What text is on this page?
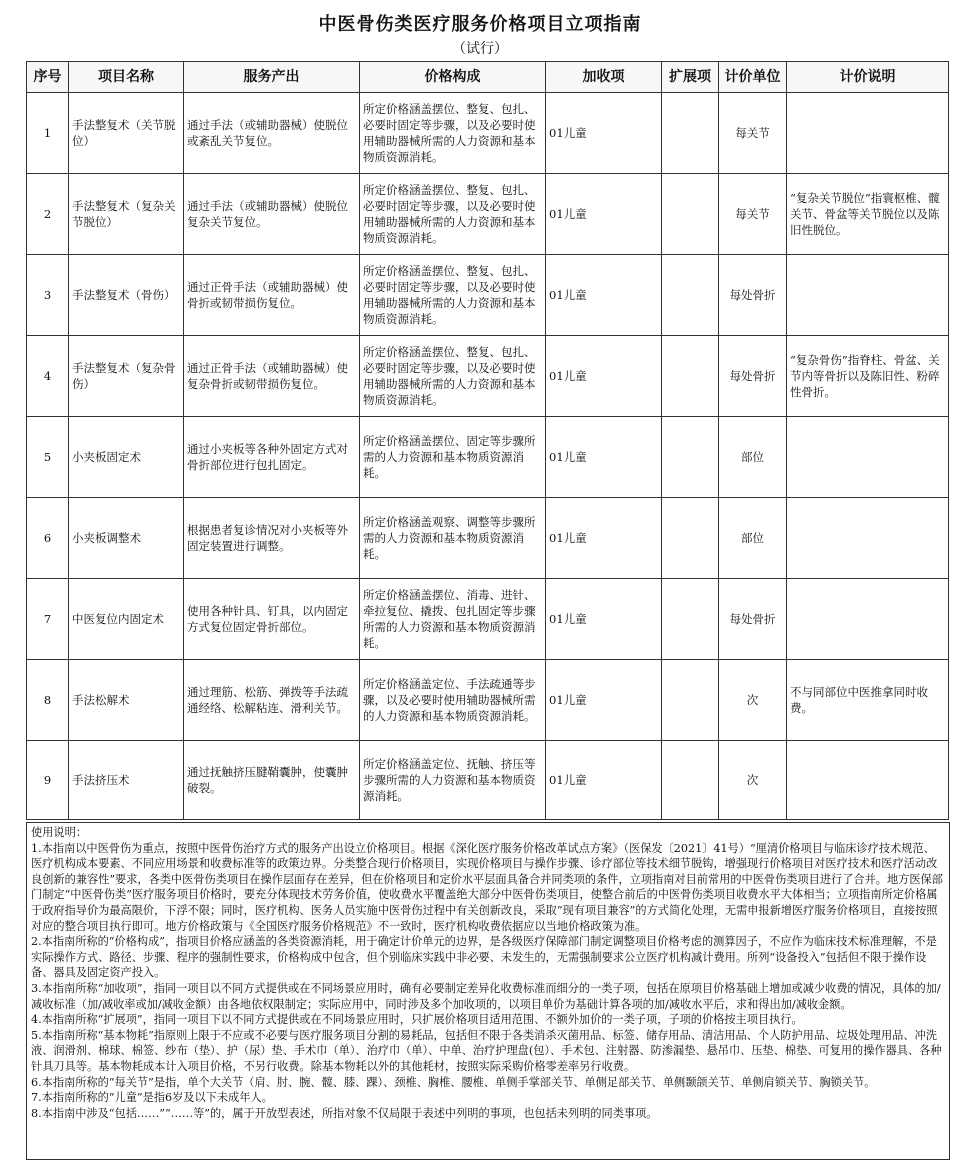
中医骨伤类医疗服务价格项目立项指南
（试行）
序号	项目名称	服务产出	价格构成	加收项	扩展项	计价单位	计价说明
1	手法整复术（关节脱位）	通过手法（或辅助器械）使脱位或紊乱关节复位。	所定价格涵盖摆位、整复、包扎、必要时固定等步骤，以及必要时使用辅助器械所需的人力资源和基本物质资源消耗。	01儿童		每关节	
2	手法整复术（复杂关节脱位）	通过手法（或辅助器械）使脱位复杂关节复位。	所定价格涵盖摆位、整复、包扎、必要时固定等步骤，以及必要时使用辅助器械所需的人力资源和基本物质资源消耗。	01儿童		每关节	“复杂关节脱位”指寰枢椎、髋关节、骨盆等关节脱位以及陈旧性脱位。
3	手法整复术（骨伤）	通过正骨手法（或辅助器械）使骨折或韧带损伤复位。	所定价格涵盖摆位、整复、包扎、必要时固定等步骤，以及必要时使用辅助器械所需的人力资源和基本物质资源消耗。	01儿童		每处骨折	
4	手法整复术（复杂骨伤）	通过正骨手法（或辅助器械）使复杂骨折或韧带损伤复位。	所定价格涵盖摆位、整复、包扎、必要时固定等步骤，以及必要时使用辅助器械所需的人力资源和基本物质资源消耗。	01儿童		每处骨折	“复杂骨伤”指脊柱、骨盆、关节内等骨折以及陈旧性、粉碎性骨折。
5	小夹板固定术	通过小夹板等各种外固定方式对骨折部位进行包扎固定。	所定价格涵盖摆位、固定等步骤所需的人力资源和基本物质资源消耗。	01儿童		部位	
6	小夹板调整术	根据患者复诊情况对小夹板等外固定装置进行调整。	所定价格涵盖观察、调整等步骤所需的人力资源和基本物质资源消耗。	01儿童		部位	
7	中医复位内固定术	使用各种针具、钉具，以内固定方式复位固定骨折部位。	所定价格涵盖摆位、消毒、进针、牵拉复位、撬拨、包扎固定等步骤所需的人力资源和基本物质资源消耗。	01儿童		每处骨折	
8	手法松解术	通过理筋、松筋、弹拨等手法疏通经络、松解粘连、滑利关节。	所定价格涵盖定位、手法疏通等步骤，以及必要时使用辅助器械所需的人力资源和基本物质资源消耗。	01儿童		次	不与同部位中医推拿同时收费。
9	手法挤压术	通过抚触挤压腱鞘囊肿，使囊肿破裂。	所定价格涵盖定位、抚触、挤压等步骤所需的人力资源和基本物质资源消耗。	01儿童		次	

使用说明：

1.本指南以中医骨伤为重点，按照中医骨伤治疗方式的服务产出设立价格项目。根据《深化医疗服务价格改革试点方案》（医保发〔2021〕41号）“厘清价格项目与临床诊疗技术规范、医疗机构成本要素、不同应用场景和收费标准等的政策边界。分类整合现行价格项目，实现价格项目与操作步骤、诊疗部位等技术细节脱钩，增强现行价格项目对医疗技术和医疗活动改良创新的兼容性”要求，各类中医骨伤类项目在操作层面存在差异，但在价格项目和定价水平层面具备合并同类项的条件，立项指南对目前常用的中医骨伤类项目进行了合并。地方医保部门制定“中医骨伤类”医疗服务项目价格时，要充分体现技术劳务价值，使收费水平覆盖绝大部分中医骨伤类项目，使整合前后的中医骨伤类项目收费水平大体相当；立项指南所定价格属于政府指导价为最高限价，下浮不限；同时，医疗机构、医务人员实施中医骨伤过程中有关创新改良，采取“现有项目兼容”的方式简化处理，无需申报新增医疗服务价格项目，直接按照对应的整合项目执行即可。地方价格政策与《全国医疗服务价格规范》不一致时，医疗机构收费依据应以当地价格政策为准。

2.本指南所称的“价格构成”，指项目价格应涵盖的各类资源消耗，用于确定计价单元的边界，是各级医疗保障部门制定调整项目价格考虑的测算因子，不应作为临床技术标准理解，不是实际操作方式、路径、步骤、程序的强制性要求，价格构成中包含，但个别临床实践中非必要、未发生的，无需强制要求公立医疗机构减计费用。所列“设备投入”包括但不限于操作设备、器具及固定资产投入。

3.本指南所称“加收项”，指同一项目以不同方式提供或在不同场景应用时，确有必要制定差异化收费标准而细分的一类子项，包括在原项目价格基础上增加或减少收费的情况，具体的加/减收标准（加/减收率或加/减收金额）由各地依权限制定；实际应用中，同时涉及多个加收项的，以项目单价为基础计算各项的加/减收水平后，求和得出加/减收金额。

4.本指南所称“扩展项”，指同一项目下以不同方式提供或在不同场景应用时，只扩展价格项目适用范围、不额外加价的一类子项，子项的价格按主项目执行。

5.本指南所称“基本物耗”指原则上限于不应或不必要与医疗服务项目分割的易耗品，包括但不限于各类消杀灭菌用品、标签、储存用品、清洁用品、个人防护用品、垃圾处理用品、冲洗液、润滑剂、棉球、棉签、纱布（垫）、护（尿）垫、手术巾（单）、治疗巾（单）、中单、治疗护理盘(包）、手术包、注射器、防渗漏垫、悬吊巾、压垫、棉垫、可复用的操作器具、各种针具刀具等。基本物耗成本计入项目价格，不另行收费。除基本物耗以外的其他耗材，按照实际采购价格零差率另行收费。

6.本指南所称的“每关节”是指，单个大关节（肩、肘、腕、髋、膝、踝）、颈椎、胸椎、腰椎、单侧手掌部关节、单侧足部关节、单侧颞颌关节、单侧肩锁关节、胸锁关节。

7.本指南所称的“儿童”是指6岁及以下未成年人。

8.本指南中涉及“包括……”“……等”的，属于开放型表述，所指对象不仅局限于表述中列明的事项，也包括未列明的同类事项。
